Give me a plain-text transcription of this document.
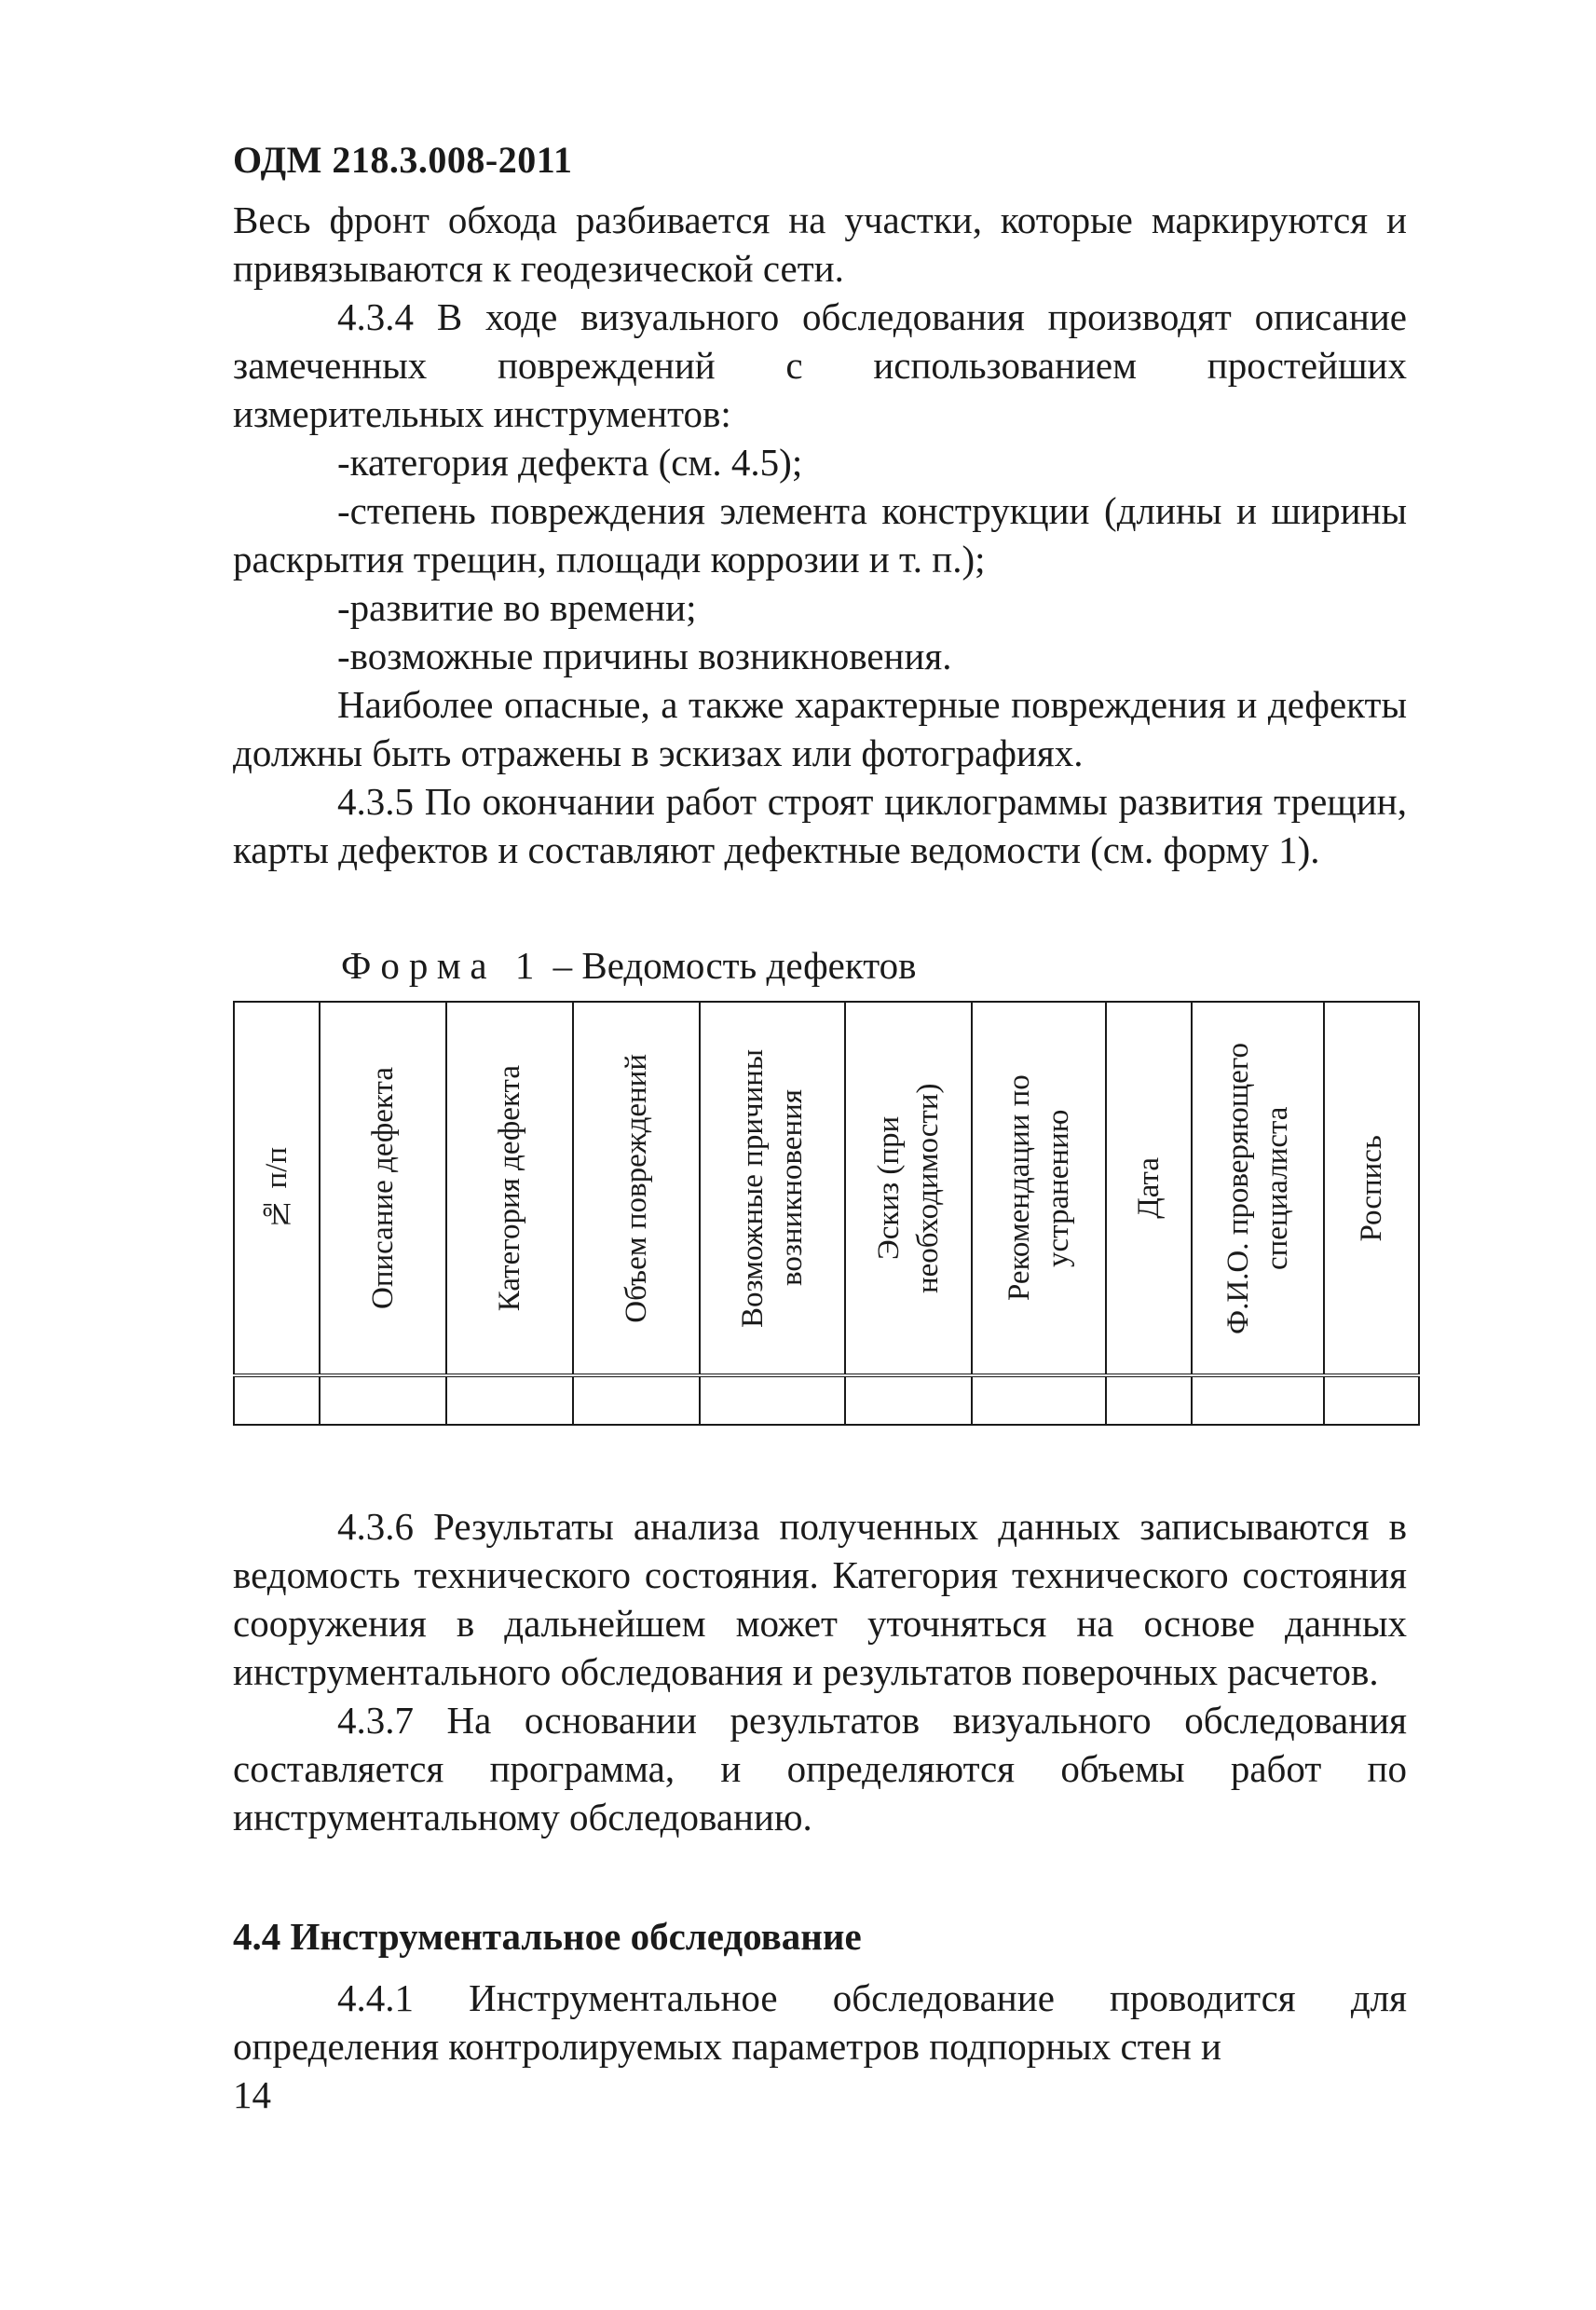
ОДМ 218.3.008-2011

Весь фронт обхода разбивается на участки, которые маркируются и привязываются к геодезической сети.

4.3.4 В ходе визуального обследования производят описание замеченных повреждений с использованием простейших измерительных инструментов:

-категория дефекта (см. 4.5);

-степень повреждения элемента конструкции (длины и ширины раскрытия трещин, площади коррозии и т. п.);

-развитие во времени;

-возможные причины возникновения.

Наиболее опасные, а также характерные повреждения и дефекты должны быть отражены в эскизах или фотографиях.

4.3.5 По окончании работ строят циклограммы развития трещин, карты дефектов и составляют дефектные ведомости (см. форму 1).

Форма 1 – Ведомость дефектов
№ п/п	Описание дефекта	Категория дефекта	Объем повреждений	Возможные причины возникновения	Эскиз (при необходимости)	Рекомендации по устранению	Дата	Ф.И.О. проверяющего специалиста	Роспись

4.3.6 Результаты анализа полученных данных записываются в ведомость технического состояния. Категория технического состояния сооружения в дальнейшем может уточняться на основе данных инструментального обследования и результатов поверочных расчетов.

4.3.7 На основании результатов визуального обследования составляется программа, и определяются объемы работ по инструментальному обследованию.

4.4 Инструментальное обследование

4.4.1 Инструментальное обследование проводится для определения контролируемых параметров подпорных стен и

14
